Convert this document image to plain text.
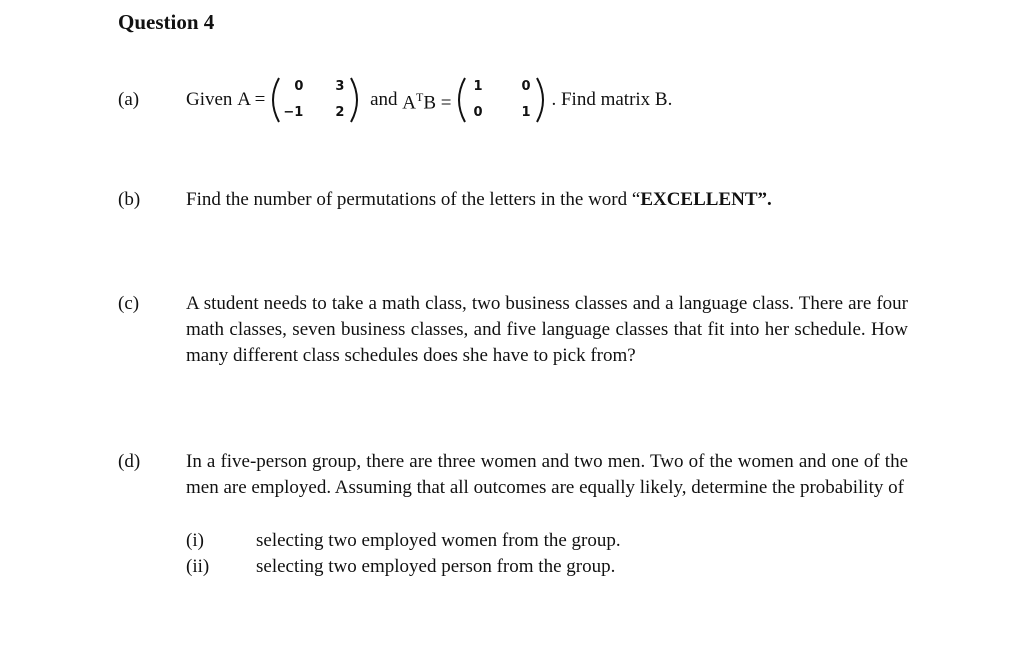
Question 4
(a) Given
A =
0 3
−1 2

and
$A^TB$ =
1	0
0	1
. Find matrix B.
(b) Find the number of permutations of the letters in the word “EXCELLENT”.
(c) A student needs to take a math class, two business classes and a language class. There are four math classes, seven business classes, and five language classes that fit into her schedule. How many different class schedules does she have to pick from?
(d) In a five-person group, there are three women and two men. Two of the women and one of the men are employed. Assuming that all outcomes are equally likely, determine the probability of
(i)	selecting two employed women from the group.
(ii) selecting two employed person from the group.
